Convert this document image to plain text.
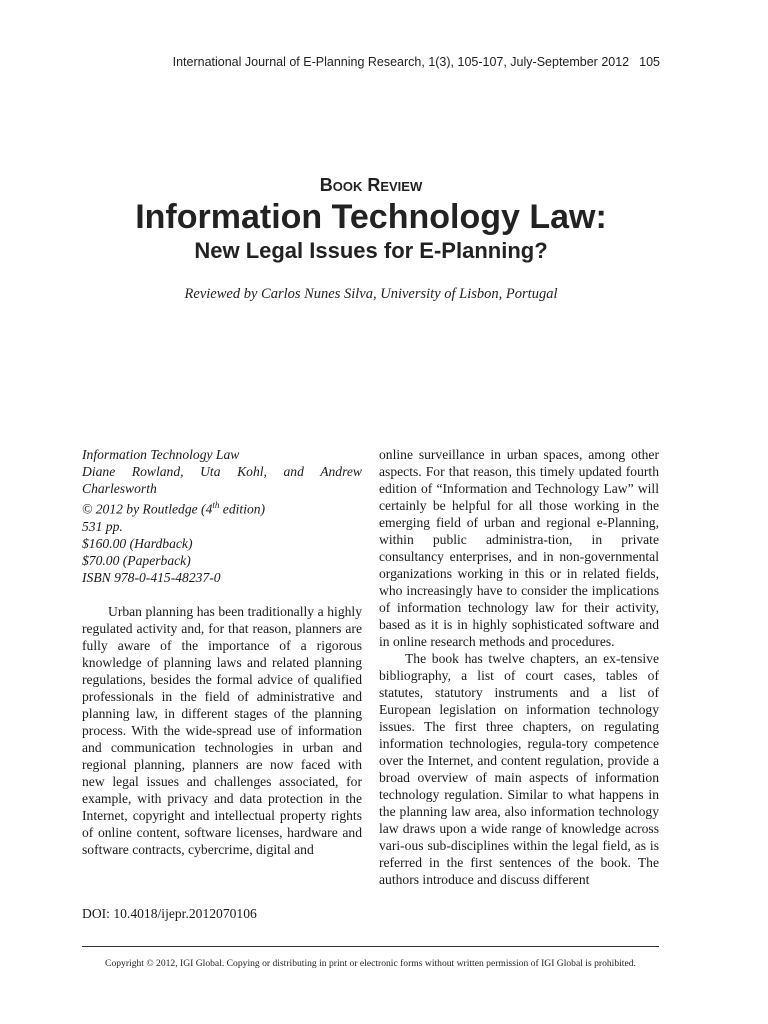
International Journal of E-Planning Research, 1(3), 105-107, July-September 2012 105
Book Review
Information Technology Law:
New Legal Issues for E-Planning?
Reviewed by Carlos Nunes Silva, University of Lisbon, Portugal
Information Technology Law
Diane Rowland, Uta Kohl, and Andrew
Charlesworth
© 2012 by Routledge (4th edition)
531 pp.
$160.00 (Hardback)
$70.00 (Paperback)
ISBN 978-0-415-48237-0

Urban planning has been traditionally a highly regulated activity and, for that reason, planners are fully aware of the importance of a rigorous knowledge of planning laws and related planning regulations, besides the formal advice of qualified professionals in the field of administrative and planning law, in different stages of the planning process. With the wide-spread use of information and communication technologies in urban and regional planning, planners are now faced with new legal issues and challenges associated, for example, with privacy and data protection in the Internet, copyright and intellectual property rights of online content, software licenses, hardware and software contracts, cybercrime, digital and

online surveillance in urban spaces, among other aspects. For that reason, this timely updated fourth edition of “Information and Technology Law” will certainly be helpful for all those working in the emerging field of urban and regional e-Planning, within public administra-tion, in private consultancy enterprises, and in non-governmental organizations working in this or in related fields, who increasingly have to consider the implications of information technology law for their activity, based as it is in highly sophisticated software and in online research methods and procedures.

The book has twelve chapters, an ex-tensive bibliography, a list of court cases, tables of statutes, statutory instruments and a list of European legislation on information technology issues. The first three chapters, on regulating information technologies, regula-tory competence over the Internet, and content regulation, provide a broad overview of main aspects of information technology regulation. Similar to what happens in the planning law area, also information technology law draws upon a wide range of knowledge across vari-ous sub-disciplines within the legal field, as is referred in the first sentences of the book. The authors introduce and discuss different

DOI: 10.4018/ijepr.2012070106
Copyright © 2012, IGI Global. Copying or distributing in print or electronic forms without written permission of IGI Global is prohibited.
